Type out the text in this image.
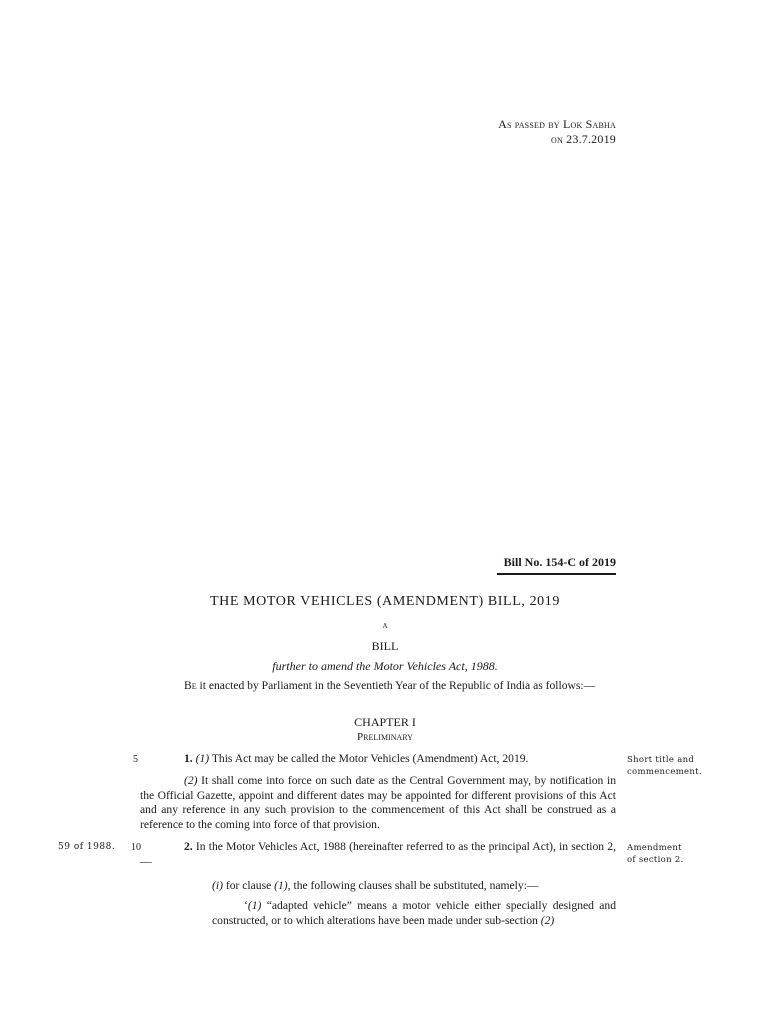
As passed by Lok Sabha
on 23.7.2019
Bill No. 154-C of 2019
THE MOTOR VEHICLES (AMENDMENT) BILL, 2019
a
BILL
further to amend the Motor Vehicles Act, 1988.
Be it enacted by Parliament in the Seventieth Year of the Republic of India as follows:—
CHAPTER I
Preliminary
5	1. (1) This Act may be called the Motor Vehicles (Amendment) Act, 2019.	Short title and
commencement.
(2) It shall come into force on such date as the Central Government may, by notification in the Official Gazette, appoint and different dates may be appointed for different provisions of this Act and any reference in any such provision to the commencement of this Act shall be construed as a reference to the coming into force of that provision.
59 of 1988. 10	2. In the Motor Vehicles Act, 1988 (hereinafter referred to as the principal Act), in section 2,—
Amendment
of section 2.
(i) for clause (1), the following clauses shall be substituted, namely:—
‘(1) “adapted vehicle” means a motor vehicle either specially designed and constructed, or to which alterations have been made under sub-section (2)
